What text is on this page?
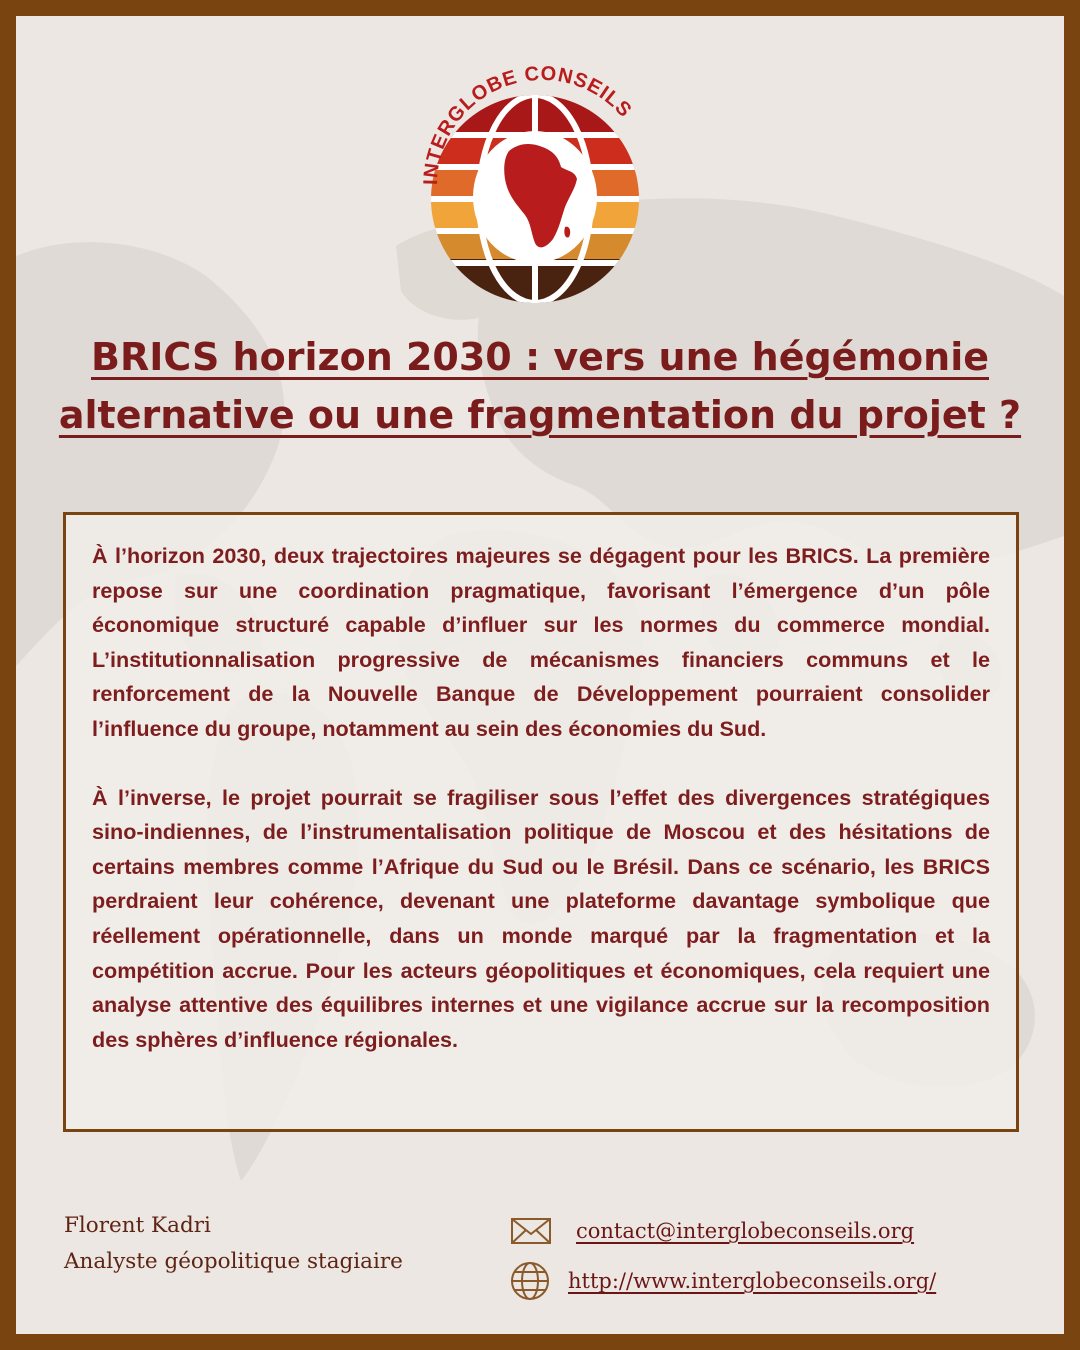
INTERGLOBE CONSEILS
BRICS horizon 2030 : vers une hégémonie
alternative ou une fragmentation du projet ?

À l’horizon 2030, deux trajectoires majeures se dégagent pour les BRICS. La première repose sur une coordination pragmatique, favorisant l’émergence d’un pôle économique structuré capable d’influer sur les normes du commerce mondial. L’institutionnalisation progressive de mécanismes financiers communs et le renforcement de la Nouvelle Banque de Développement pourraient consolider l’influence du groupe, notamment au sein des économies du Sud.

À l’inverse, le projet pourrait se fragiliser sous l’effet des divergences stratégiques sino-indiennes, de l’instrumentalisation politique de Moscou et des hésitations de certains membres comme l’Afrique du Sud ou le Brésil. Dans ce scénario, les BRICS perdraient leur cohérence, devenant une plateforme davantage symbolique que réellement opérationnelle, dans un monde marqué par la fragmentation et la compétition accrue. Pour les acteurs géopolitiques et économiques, cela requiert une analyse attentive des équilibres internes et une vigilance accrue sur la recomposition des sphères d’influence régionales.

Florent Kadri
Analyste géopolitique stagiaire

contact@interglobeconseils.org
http://www.interglobeconseils.org/
